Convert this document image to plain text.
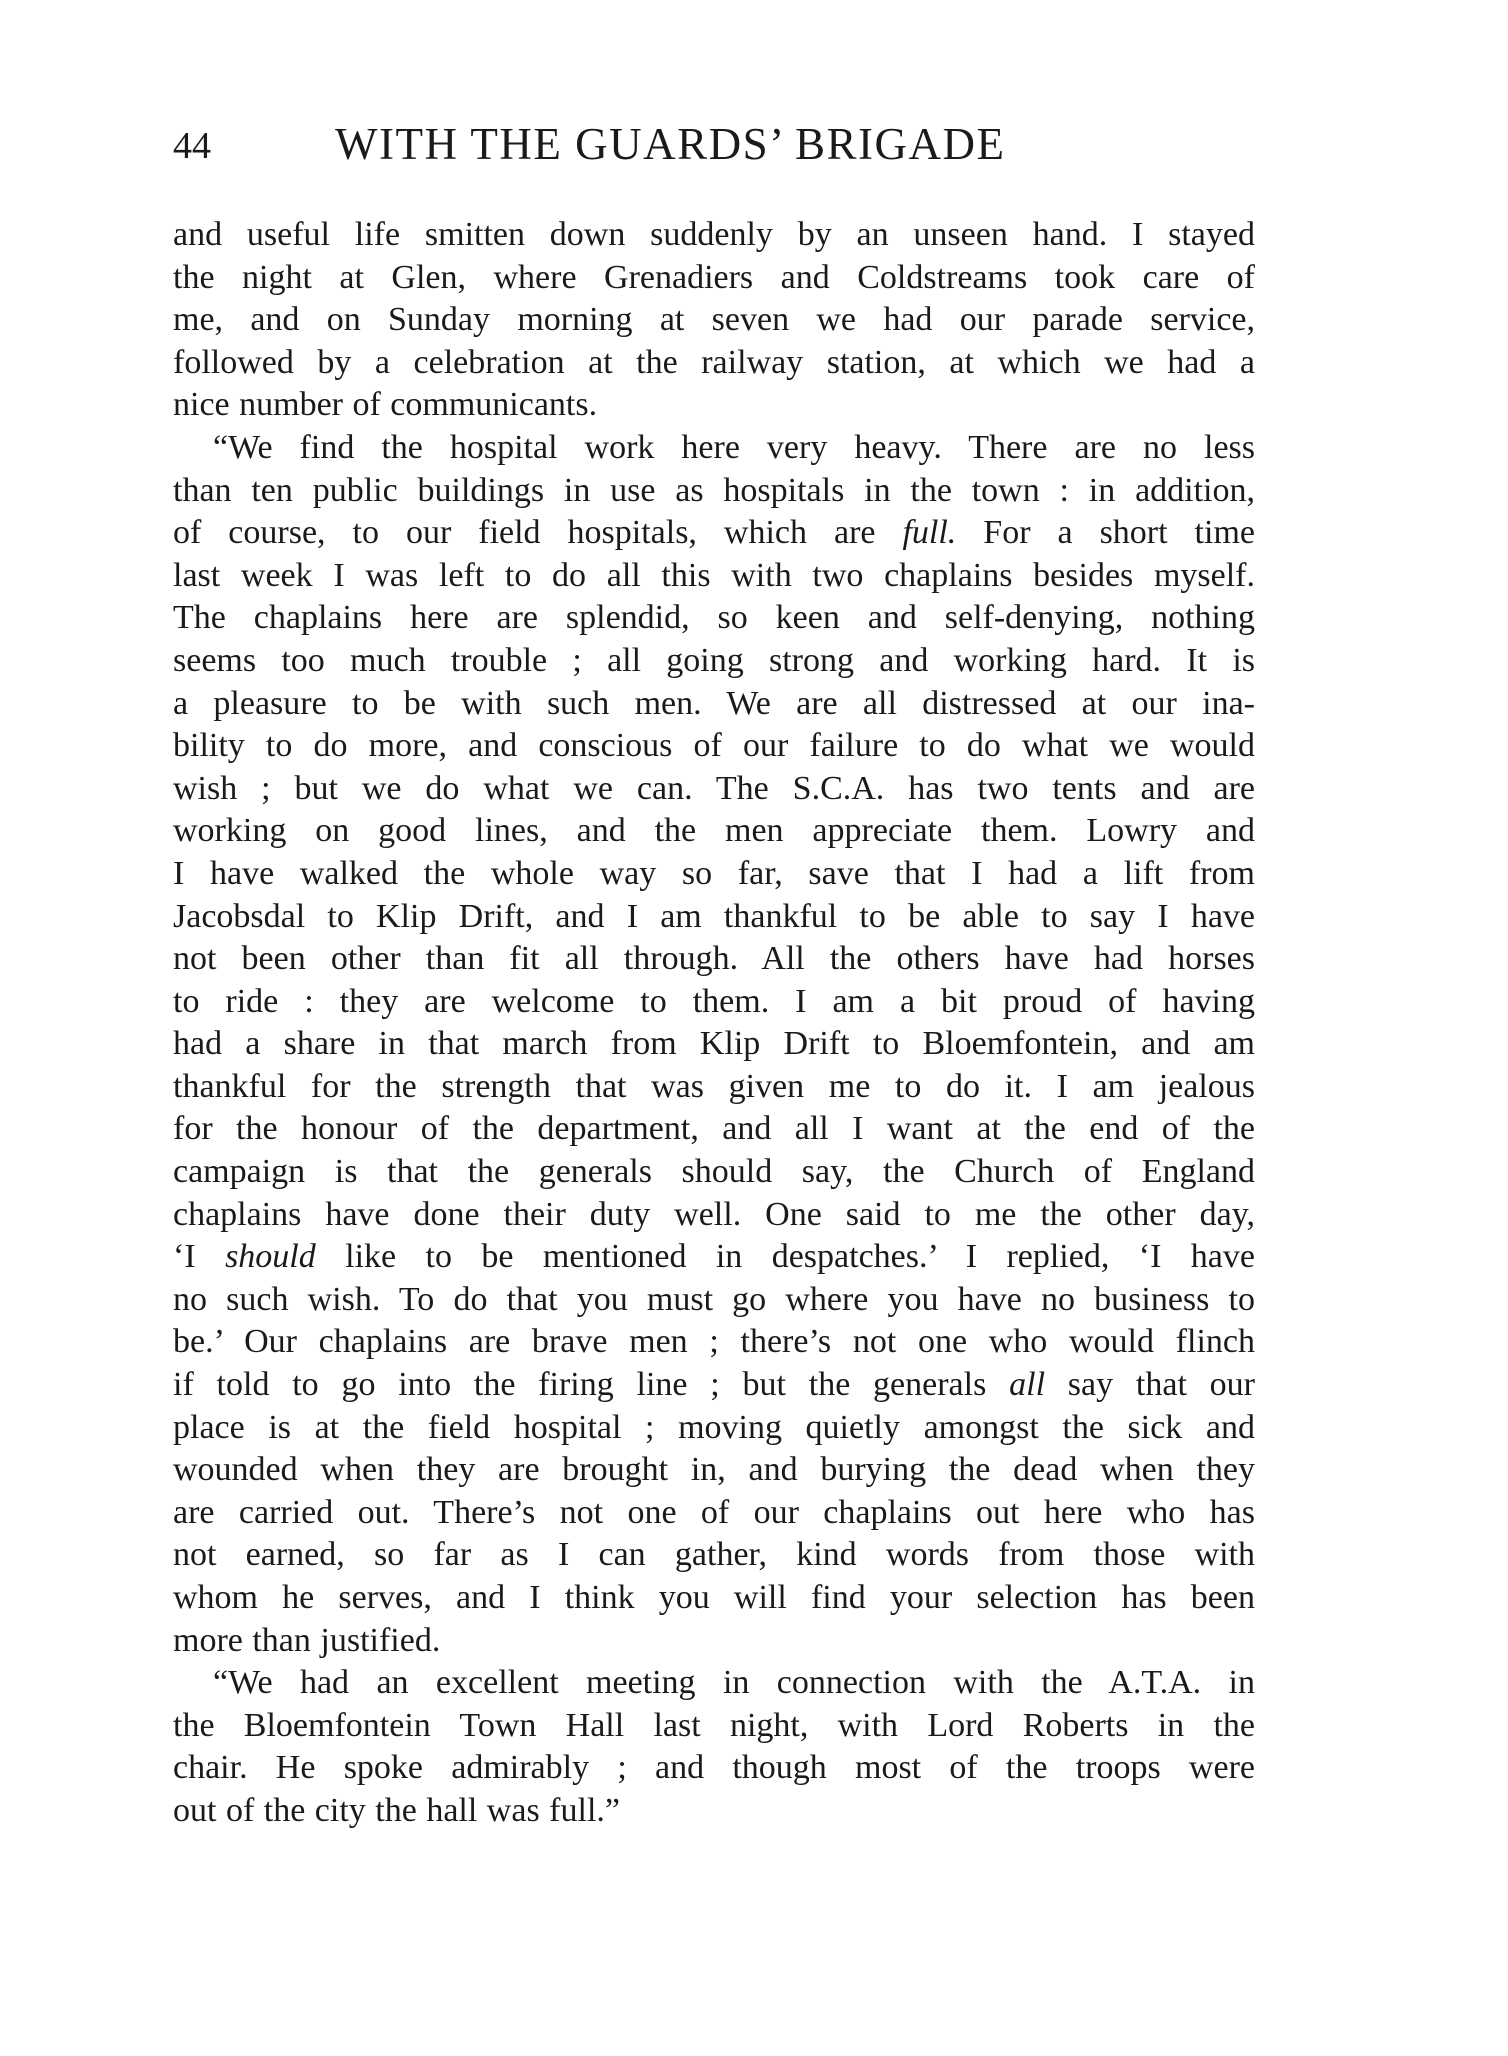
44	WITH THE GUARDS’ BRIGADE
and useful life smitten down suddenly by an unseen hand. I stayed
the night at Glen, where Grenadiers and Coldstreams took care of
me, and on Sunday morning at seven we had our parade service,
followed by a celebration at the railway station, at which we had a
nice number of communicants.
“We find the hospital work here very heavy. There are no less
than ten public buildings in use as hospitals in the town : in addition,
of course, to our field hospitals, which are full. For a short time
last week I was left to do all this with two chaplains besides myself.
The chaplains here are splendid, so keen and self-denying, nothing
seems too much trouble ; all going strong and working hard. It is
a pleasure to be with such men. We are all distressed at our ina-
bility to do more, and conscious of our failure to do what we would
wish ; but we do what we can. The S.C.A. has two tents and are
working on good lines, and the men appreciate them. Lowry and
I have walked the whole way so far, save that I had a lift from
Jacobsdal to Klip Drift, and I am thankful to be able to say I have
not been other than fit all through. All the others have had horses
to ride : they are welcome to them. I am a bit proud of having
had a share in that march from Klip Drift to Bloemfontein, and am
thankful for the strength that was given me to do it. I am jealous
for the honour of the department, and all I want at the end of the
campaign is that the generals should say, the Church of England
chaplains have done their duty well. One said to me the other day,
‘I should like to be mentioned in despatches.’ I replied, ‘I have
no such wish. To do that you must go where you have no business to
be.’ Our chaplains are brave men ; there’s not one who would flinch
if told to go into the firing line ; but the generals all say that our
place is at the field hospital ; moving quietly amongst the sick and
wounded when they are brought in, and burying the dead when they
are carried out. There’s not one of our chaplains out here who has
not earned, so far as I can gather, kind words from those with
whom he serves, and I think you will find your selection has been
more than justified.
“We had an excellent meeting in connection with the A.T.A. in
the Bloemfontein Town Hall last night, with Lord Roberts in the
chair. He spoke admirably ; and though most of the troops were
out of the city the hall was full.”
